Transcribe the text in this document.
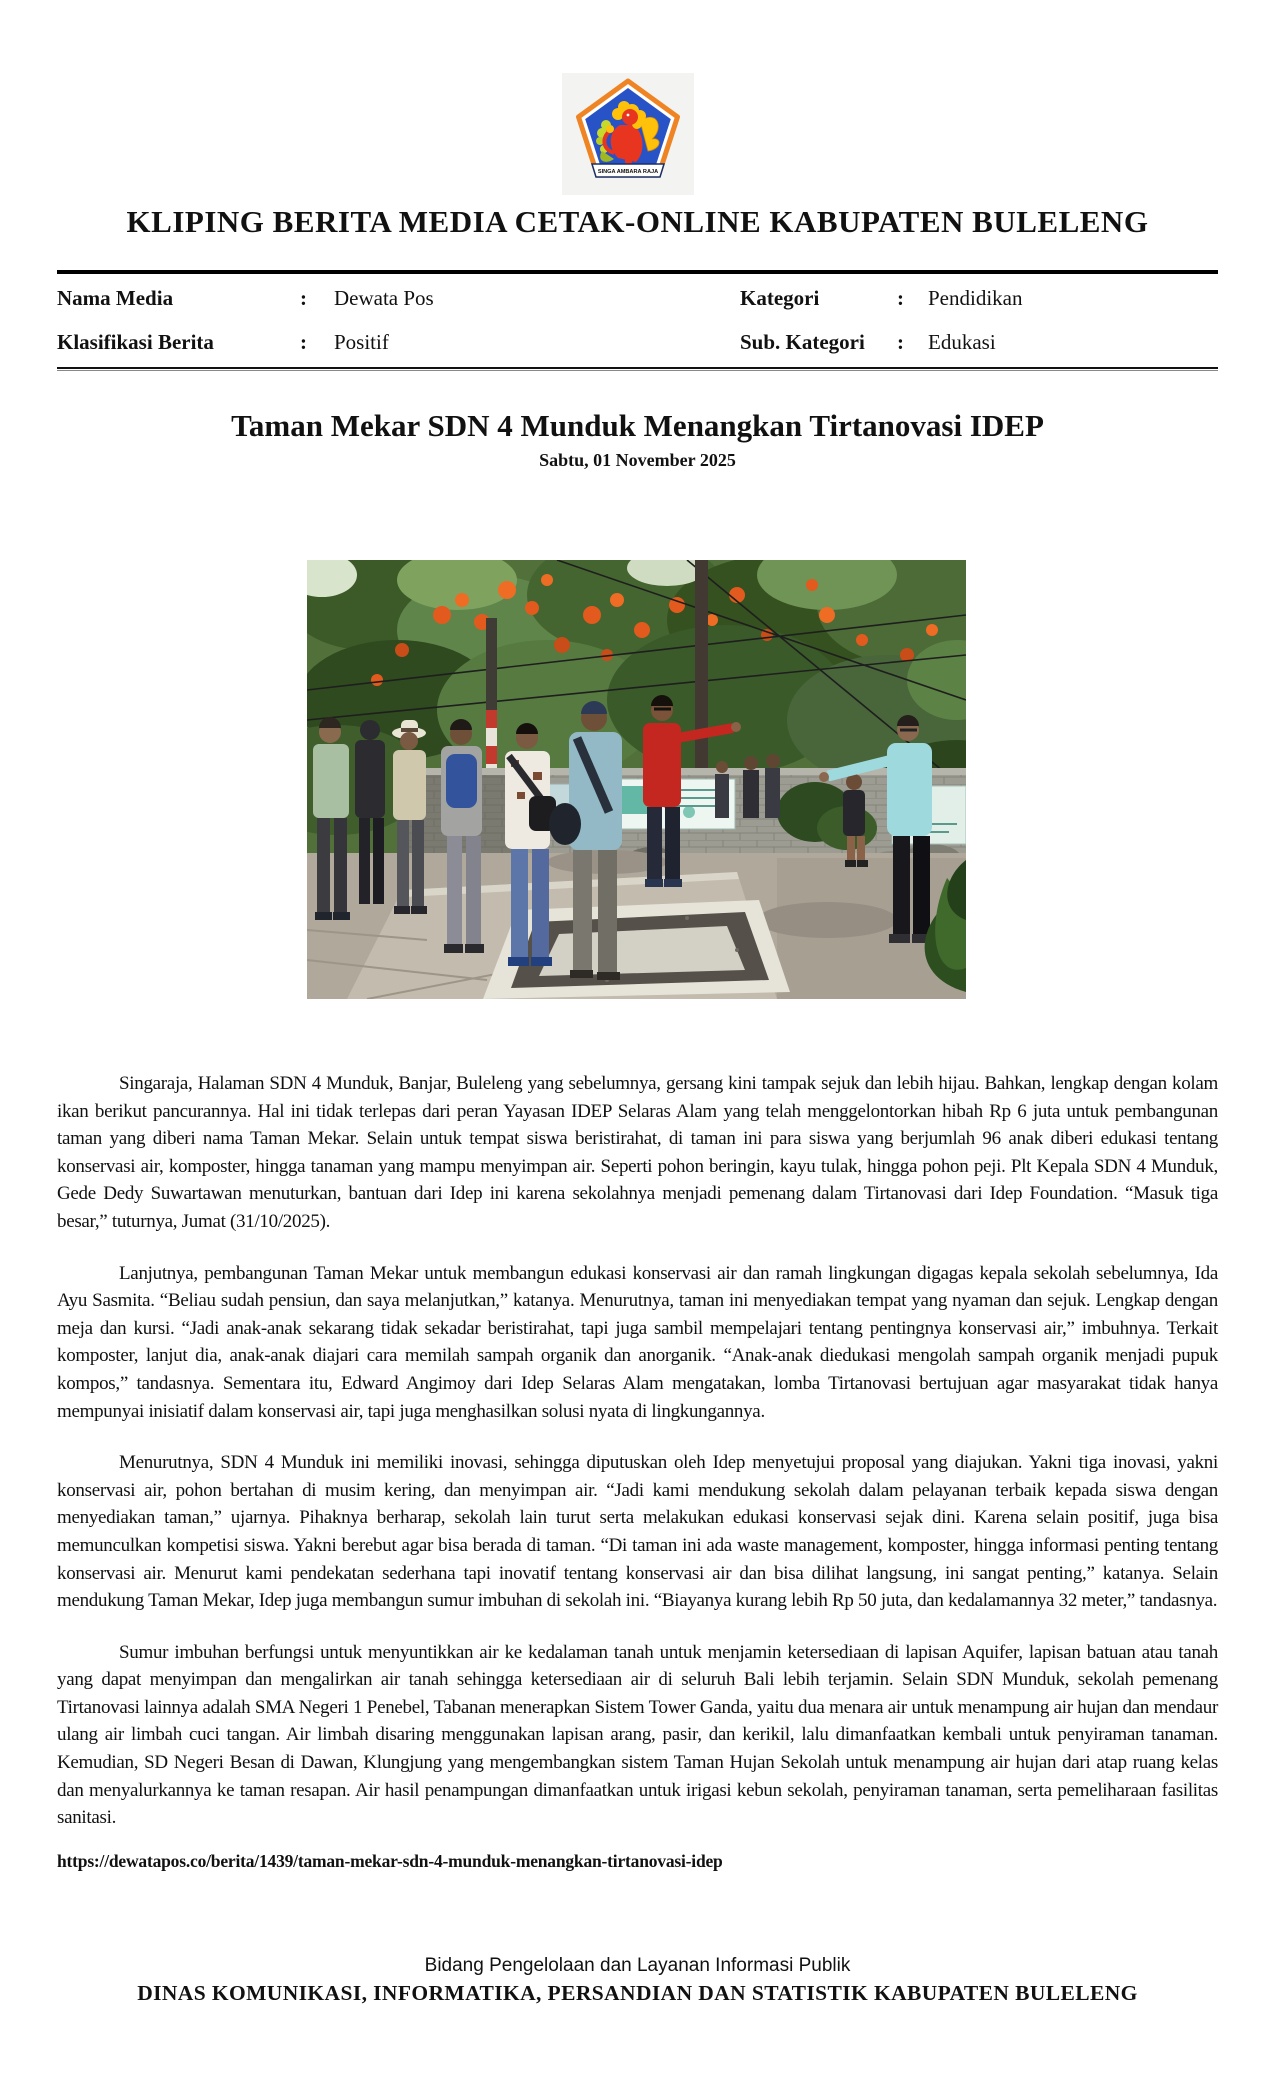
SINGA AMBARA RAJA
KLIPING BERITA MEDIA CETAK-ONLINE KABUPATEN BULELENG
Nama Media	: Dewata Pos	Kategori	: Pendidikan
Klasifikasi Berita	: Positif	Sub. Kategori : Edukasi
Taman Mekar SDN 4 Munduk Menangkan Tirtanovasi IDEP
Sabtu, 01 November 2025

Singaraja, Halaman SDN 4 Munduk, Banjar, Buleleng yang sebelumnya, gersang kini tampak sejuk dan lebih hijau. Bahkan, lengkap dengan kolam ikan berikut pancurannya. Hal ini tidak terlepas dari peran Yayasan IDEP Selaras Alam yang telah menggelontorkan hibah Rp 6 juta untuk pembangunan taman yang diberi nama Taman Mekar. Selain untuk tempat siswa beristirahat, di taman ini para siswa yang berjumlah 96 anak diberi edukasi tentang konservasi air, komposter, hingga tanaman yang mampu menyimpan air. Seperti pohon beringin, kayu tulak, hingga pohon peji. Plt Kepala SDN 4 Munduk, Gede Dedy Suwartawan menuturkan, bantuan dari Idep ini karena sekolahnya menjadi pemenang dalam Tirtanovasi dari Idep Foundation. “Masuk tiga besar,” tuturnya, Jumat (31/10/2025).

Lanjutnya, pembangunan Taman Mekar untuk membangun edukasi konservasi air dan ramah lingkungan digagas kepala sekolah sebelumnya, Ida Ayu Sasmita. “Beliau sudah pensiun, dan saya melanjutkan,” katanya. Menurutnya, taman ini menyediakan tempat yang nyaman dan sejuk. Lengkap dengan meja dan kursi. “Jadi anak-anak sekarang tidak sekadar beristirahat, tapi juga sambil mempelajari tentang pentingnya konservasi air,” imbuhnya. Terkait komposter, lanjut dia, anak-anak diajari cara memilah sampah organik dan anorganik. “Anak-anak diedukasi mengolah sampah organik menjadi pupuk kompos,” tandasnya. Sementara itu, Edward Angimoy dari Idep Selaras Alam mengatakan, lomba Tirtanovasi bertujuan agar masyarakat tidak hanya mempunyai inisiatif dalam konservasi air, tapi juga menghasilkan solusi nyata di lingkungannya.

Menurutnya, SDN 4 Munduk ini memiliki inovasi, sehingga diputuskan oleh Idep menyetujui proposal yang diajukan. Yakni tiga inovasi, yakni konservasi air, pohon bertahan di musim kering, dan menyimpan air. “Jadi kami mendukung sekolah dalam pelayanan terbaik kepada siswa dengan menyediakan taman,” ujarnya. Pihaknya berharap, sekolah lain turut serta melakukan edukasi konservasi sejak dini. Karena selain positif, juga bisa memunculkan kompetisi siswa. Yakni berebut agar bisa berada di taman. “Di taman ini ada waste management, komposter, hingga informasi penting tentang konservasi air. Menurut kami pendekatan sederhana tapi inovatif tentang konservasi air dan bisa dilihat langsung, ini sangat penting,” katanya. Selain mendukung Taman Mekar, Idep juga membangun sumur imbuhan di sekolah ini. “Biayanya kurang lebih Rp 50 juta, dan kedalamannya 32 meter,” tandasnya.

Sumur imbuhan berfungsi untuk menyuntikkan air ke kedalaman tanah untuk menjamin ketersediaan di lapisan Aquifer, lapisan batuan atau tanah yang dapat menyimpan dan mengalirkan air tanah sehingga ketersediaan air di seluruh Bali lebih terjamin. Selain SDN Munduk, sekolah pemenang Tirtanovasi lainnya adalah SMA Negeri 1 Penebel, Tabanan menerapkan Sistem Tower Ganda, yaitu dua menara air untuk menampung air hujan dan mendaur ulang air limbah cuci tangan. Air limbah disaring menggunakan lapisan arang, pasir, dan kerikil, lalu dimanfaatkan kembali untuk penyiraman tanaman. Kemudian, SD Negeri Besan di Dawan, Klungjung yang mengembangkan sistem Taman Hujan Sekolah untuk menampung air hujan dari atap ruang kelas dan menyalurkannya ke taman resapan. Air hasil penampungan dimanfaatkan untuk irigasi kebun sekolah, penyiraman tanaman, serta pemeliharaan fasilitas sanitasi.

https://dewatapos.co/berita/1439/taman-mekar-sdn-4-munduk-menangkan-tirtanovasi-idep
Bidang Pengelolaan dan Layanan Informasi Publik
DINAS KOMUNIKASI, INFORMATIKA, PERSANDIAN DAN STATISTIK KABUPATEN BULELENG
